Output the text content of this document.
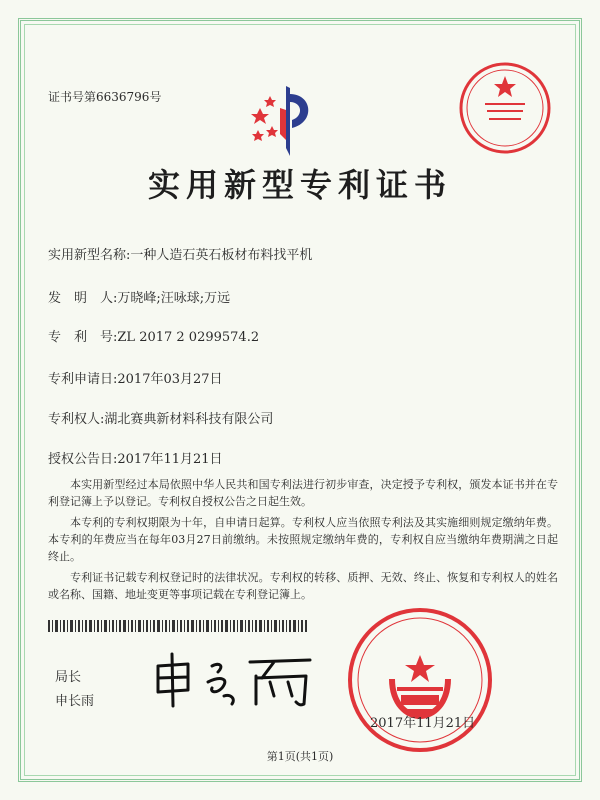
证书号第6636796号
实用新型专利证书
实用新型名称:一种人造石英石板材布料找平机
发　明　人:万晓峰;汪咏球;万远
专　利　号:ZL 2017 2 0299574.2
专利申请日:2017年03月27日
专利权人:湖北赛典新材料科技有限公司
授权公告日:2017年11月21日

本实用新型经过本局依照中华人民共和国专利法进行初步审查，决定授予专利权，颁发本证书并在专利登记簿上予以登记。专利权自授权公告之日起生效。

本专利的专利权期限为十年，自申请日起算。专利权人应当依照专利法及其实施细则规定缴纳年费。本专利的年费应当在每年03月27日前缴纳。未按照规定缴纳年费的，专利权自应当缴纳年费期满之日起终止。

专利证书记载专利权登记时的法律状况。专利权的转移、质押、无效、终止、恢复和专利权人的姓名或名称、国籍、地址变更等事项记载在专利登记簿上。

局长
申长雨
2017年11月21日
第1页(共1页)
